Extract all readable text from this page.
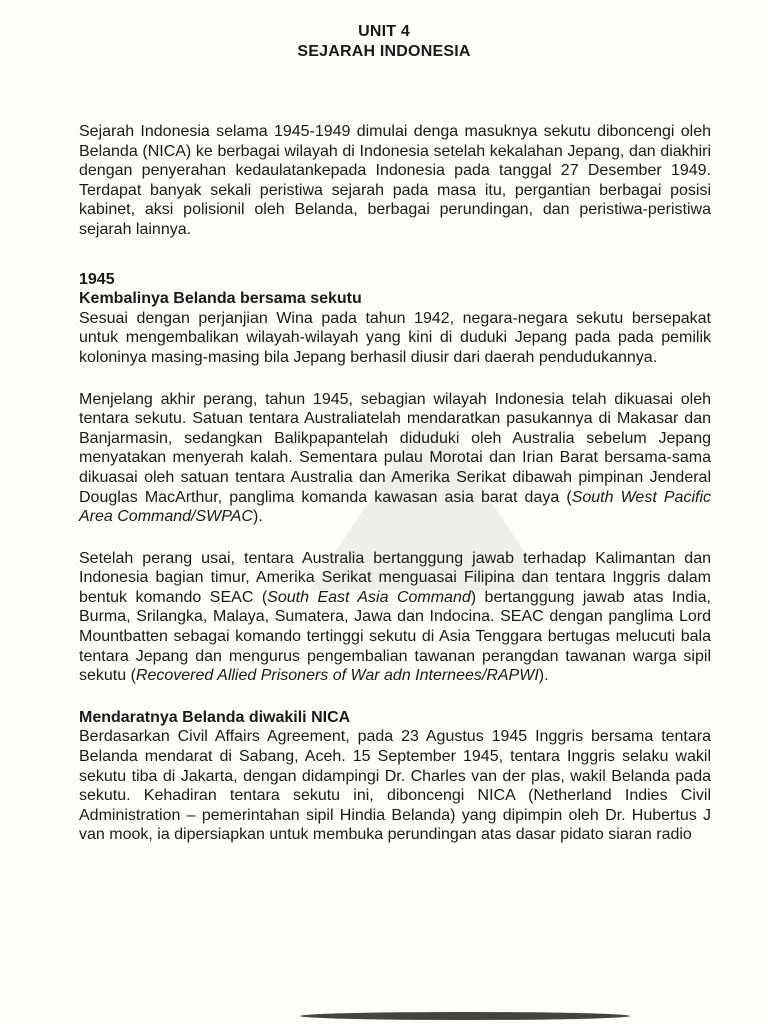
UNIT 4
SEJARAH INDONESIA

Sejarah Indonesia selama 1945-1949 dimulai denga masuknya sekutu diboncengi oleh Belanda (NICA) ke berbagai wilayah di Indonesia setelah kekalahan Jepang, dan diakhiri dengan penyerahan kedaulatankepada Indonesia pada tanggal 27 Desember 1949. Terdapat banyak sekali peristiwa sejarah pada masa itu, pergantian berbagai posisi kabinet, aksi polisionil oleh Belanda, berbagai perundingan, dan peristiwa-peristiwa sejarah lainnya.

1945

Kembalinya Belanda bersama sekutu

Sesuai dengan perjanjian Wina pada tahun 1942, negara-negara sekutu bersepakat untuk mengembalikan wilayah-wilayah yang kini di duduki Jepang pada pada pemilik koloninya masing-masing bila Jepang berhasil diusir dari daerah pendudukannya.

Menjelang akhir perang, tahun 1945, sebagian wilayah Indonesia telah dikuasai oleh tentara sekutu. Satuan tentara Australiatelah mendaratkan pasukannya di Makasar dan Banjarmasin, sedangkan Balikpapantelah diduduki oleh Australia sebelum Jepang menyatakan menyerah kalah. Sementara pulau Morotai dan Irian Barat bersama-sama dikuasai oleh satuan tentara Australia dan Amerika Serikat dibawah pimpinan Jenderal Douglas MacArthur, panglima komanda kawasan asia barat daya (South West Pacific Area Command/SWPAC).

Setelah perang usai, tentara Australia bertanggung jawab terhadap Kalimantan dan Indonesia bagian timur, Amerika Serikat menguasai Filipina dan tentara Inggris dalam bentuk komando SEAC (South East Asia Command) bertanggung jawab atas India, Burma, Srilangka, Malaya, Sumatera, Jawa dan Indocina. SEAC dengan panglima Lord Mountbatten sebagai komando tertinggi sekutu di Asia Tenggara bertugas melucuti bala tentara Jepang dan mengurus pengembalian tawanan perangdan tawanan warga sipil sekutu (Recovered Allied Prisoners of War adn Internees/RAPWI).

Mendaratnya Belanda diwakili NICA

Berdasarkan Civil Affairs Agreement, pada 23 Agustus 1945 Inggris bersama tentara Belanda mendarat di Sabang, Aceh. 15 September 1945, tentara Inggris selaku wakil sekutu tiba di Jakarta, dengan didampingi Dr. Charles van der plas, wakil Belanda pada sekutu. Kehadiran tentara sekutu ini, diboncengi NICA (Netherland Indies Civil Administration – pemerintahan sipil Hindia Belanda) yang dipimpin oleh Dr. Hubertus J van mook, ia dipersiapkan untuk membuka perundingan atas dasar pidato siaran radio
